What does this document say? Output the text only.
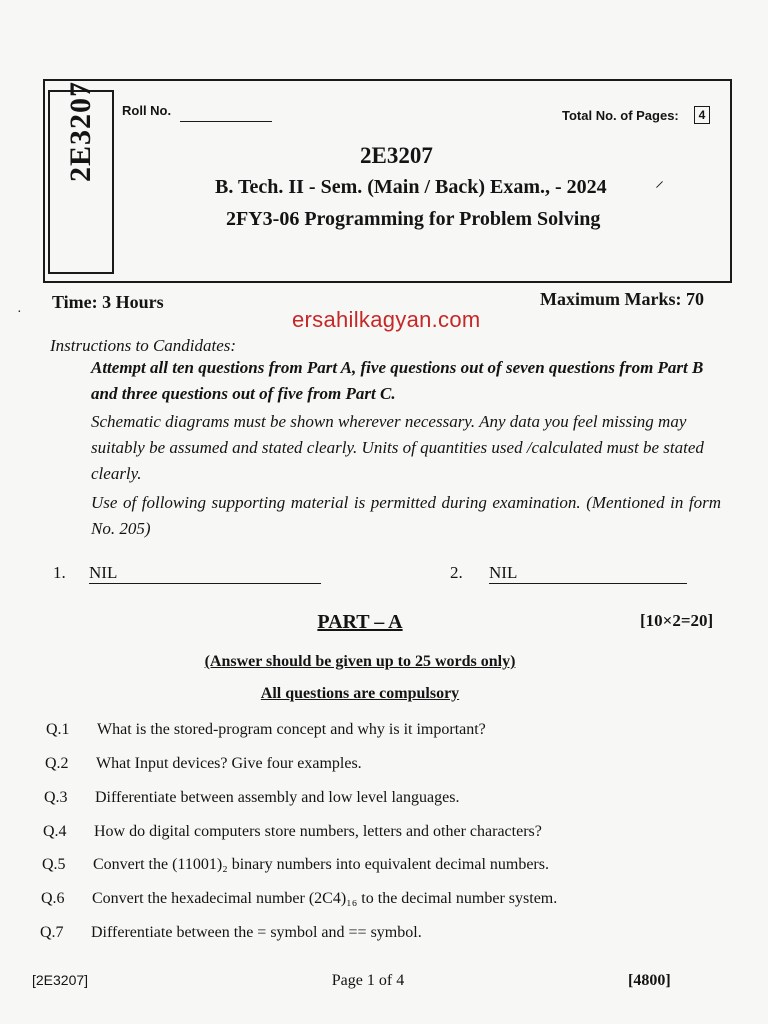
2E3207 Roll No.	Total No. of Pages:	4
2E3207
B. Tech. II - Sem. (Main / Back) Exam., - 2024	⸍
2FY3-06 Programming for Problem Solving
Time: 3 Hours	Maximum Marks: 70
·	ersahilkagyan.com
Instructions to Candidates:
Attempt all ten questions from Part A, five questions out of seven questions from Part B and three questions out of five from Part C.
Schematic diagrams must be shown wherever necessary. Any data you feel missing may suitably be assumed and stated clearly. Units of quantities used /calculated must be stated clearly.
Use of following supporting material is permitted during examination. (Mentioned in form No. 205)
1. NIL	2. NIL
PART – A	[10×2=20]
(Answer should be given up to 25 words only)
All questions are compulsory
Q.1 What is the stored-program concept and why is it important?
Q.2 What Input devices? Give four examples.
Q.3 Differentiate between assembly and low level languages.
Q.4 How do digital computers store numbers, letters and other characters?
Q.5 Convert the (11001)₂ binary numbers into equivalent decimal numbers.
Q.6 Convert the hexadecimal number (2C4)₁₆ to the decimal number system.
Q.7 Differentiate between the = symbol and == symbol.
[2E3207]	Page 1 of 4	[4800]
